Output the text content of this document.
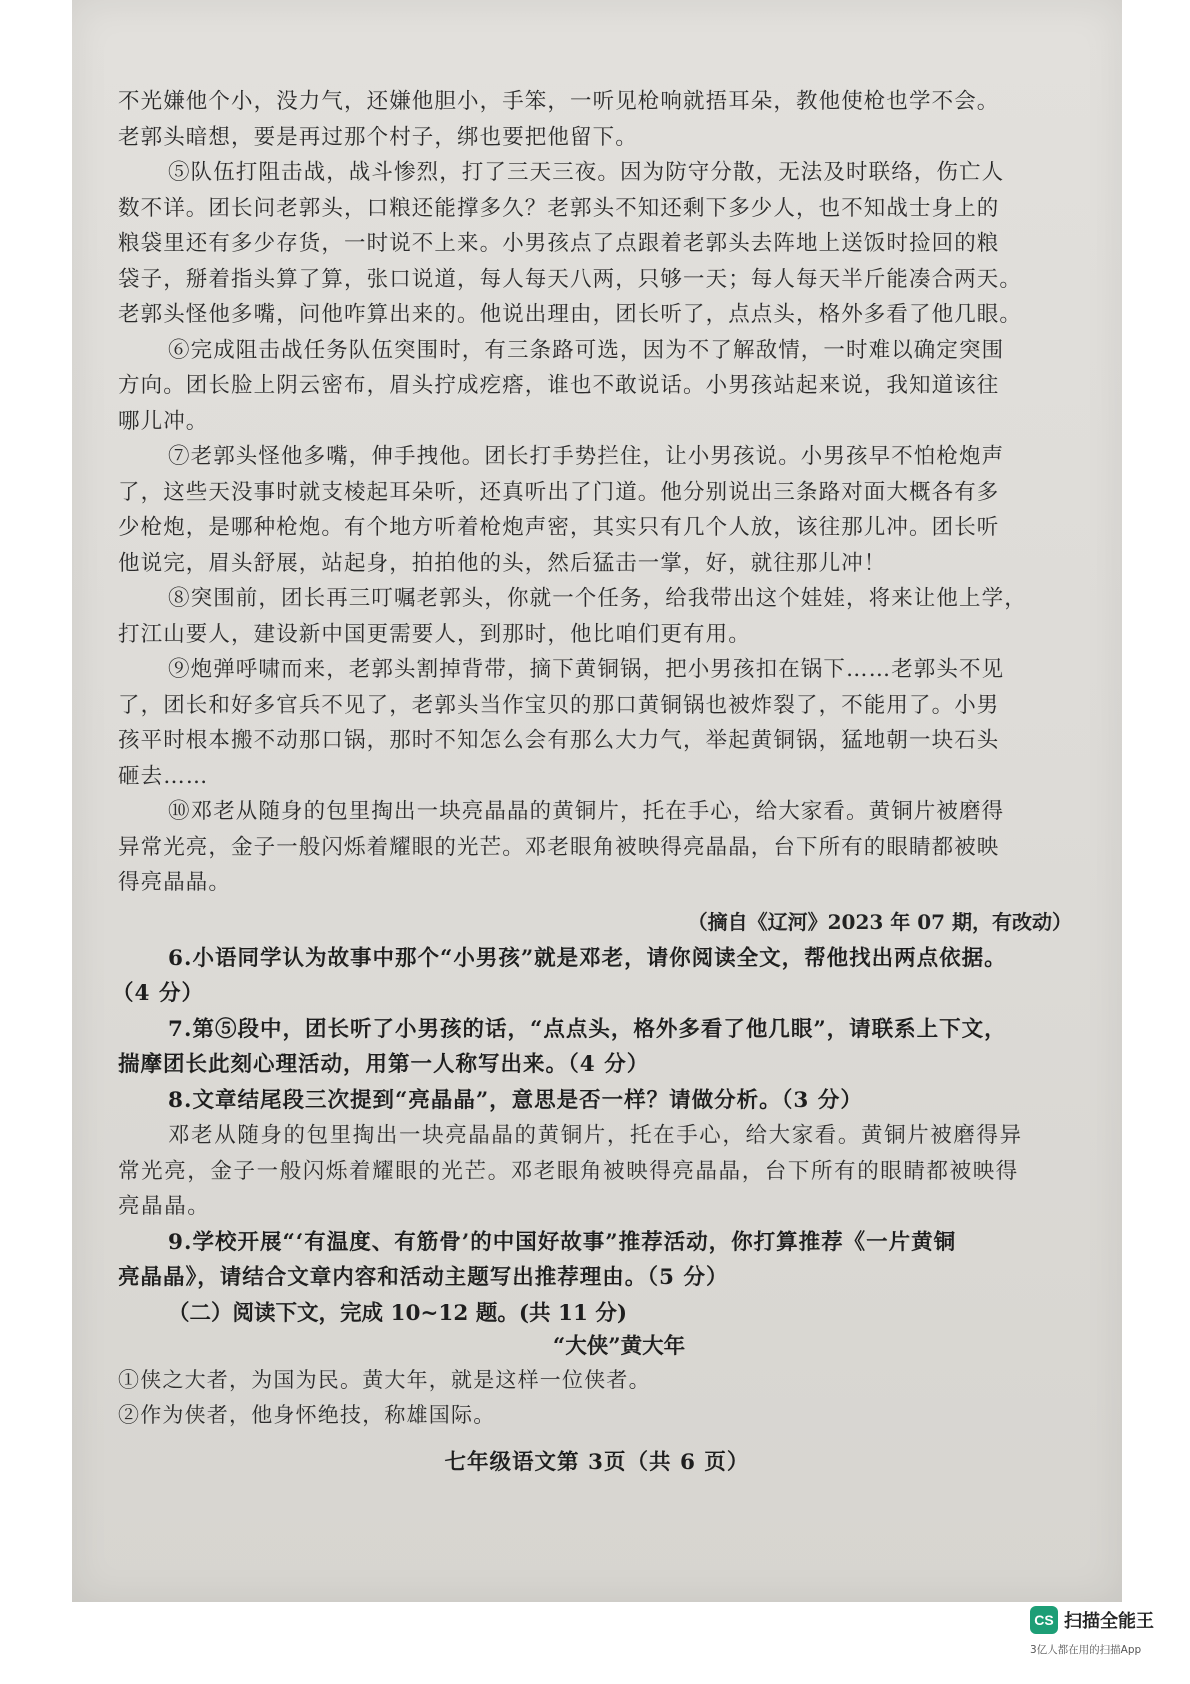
不光嫌他个小，没力气，还嫌他胆小，手笨，一听见枪响就捂耳朵，教他使枪也学不会。
老郭头暗想，要是再过那个村子，绑也要把他留下。
⑤队伍打阻击战，战斗惨烈，打了三天三夜。因为防守分散，无法及时联络，伤亡人
数不详。团长问老郭头，口粮还能撑多久？老郭头不知还剩下多少人，也不知战士身上的
粮袋里还有多少存货，一时说不上来。小男孩点了点跟着老郭头去阵地上送饭时捡回的粮
袋子，掰着指头算了算，张口说道，每人每天八两，只够一天；每人每天半斤能凑合两天。
老郭头怪他多嘴，问他咋算出来的。他说出理由，团长听了，点点头，格外多看了他几眼。
⑥完成阻击战任务队伍突围时，有三条路可选，因为不了解敌情，一时难以确定突围
方向。团长脸上阴云密布，眉头拧成疙瘩，谁也不敢说话。小男孩站起来说，我知道该往
哪儿冲。
⑦老郭头怪他多嘴，伸手拽他。团长打手势拦住，让小男孩说。小男孩早不怕枪炮声
了，这些天没事时就支棱起耳朵听，还真听出了门道。他分别说出三条路对面大概各有多
少枪炮，是哪种枪炮。有个地方听着枪炮声密，其实只有几个人放，该往那儿冲。团长听
他说完，眉头舒展，站起身，拍拍他的头，然后猛击一掌，好，就往那儿冲！
⑧突围前，团长再三叮嘱老郭头，你就一个任务，给我带出这个娃娃，将来让他上学，
打江山要人，建设新中国更需要人，到那时，他比咱们更有用。
⑨炮弹呼啸而来，老郭头割掉背带，摘下黄铜锅，把小男孩扣在锅下……老郭头不见
了，团长和好多官兵不见了，老郭头当作宝贝的那口黄铜锅也被炸裂了，不能用了。小男
孩平时根本搬不动那口锅，那时不知怎么会有那么大力气，举起黄铜锅，猛地朝一块石头
砸去……
⑩邓老从随身的包里掏出一块亮晶晶的黄铜片，托在手心，给大家看。黄铜片被磨得
异常光亮，金子一般闪烁着耀眼的光芒。邓老眼角被映得亮晶晶，台下所有的眼睛都被映
得亮晶晶。
（摘自《辽河》2023 年 07 期，有改动）
6.小语同学认为故事中那个“小男孩”就是邓老，请你阅读全文，帮他找出两点依据。
（4 分）
7.第⑤段中，团长听了小男孩的话，“点点头，格外多看了他几眼”，请联系上下文，
揣摩团长此刻心理活动，用第一人称写出来。（4 分）
8.文章结尾段三次提到“亮晶晶”，意思是否一样？请做分析。（3 分）
邓老从随身的包里掏出一块亮晶晶的黄铜片，托在手心，给大家看。黄铜片被磨得异
常光亮，金子一般闪烁着耀眼的光芒。邓老眼角被映得亮晶晶，台下所有的眼睛都被映得
亮晶晶。
9.学校开展“‘有温度、有筋骨’的中国好故事”推荐活动，你打算推荐《一片黄铜
亮晶晶》，请结合文章内容和活动主题写出推荐理由。（5 分）
（二）阅读下文，完成 10~12 题。(共 11 分)
“大侠”黄大年
①侠之大者，为国为民。黄大年，就是这样一位侠者。
②作为侠者，他身怀绝技，称雄国际。
七年级语文第 3页（共 6 页）
CS 扫描全能王
3亿人都在用的扫描App
